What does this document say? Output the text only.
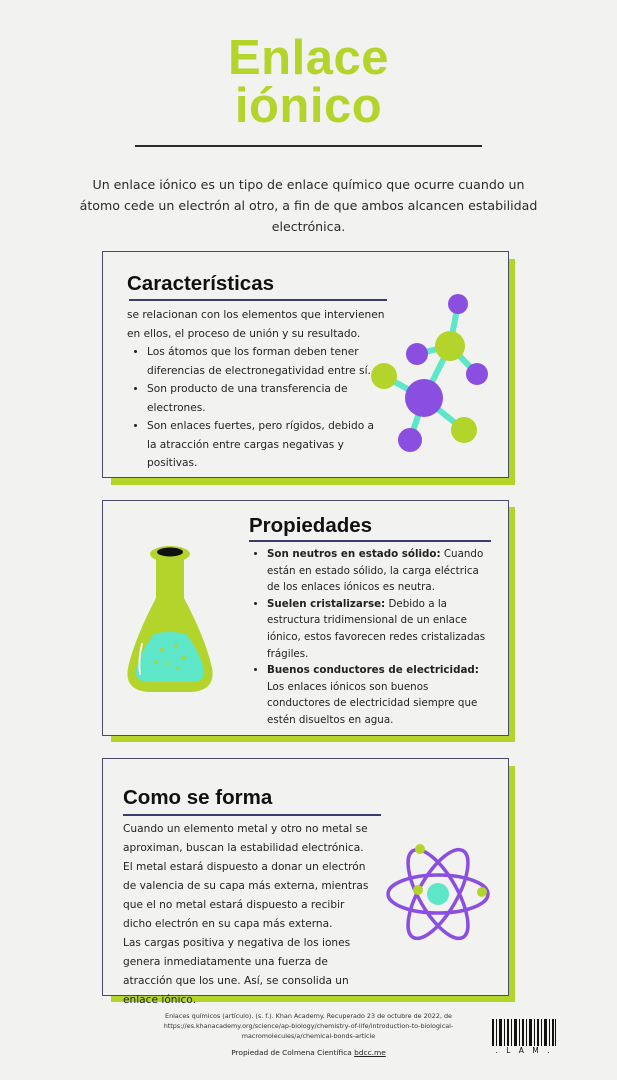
Enlace
iónico

Un enlace iónico es un tipo de enlace químico que ocurre cuando un átomo cede un electrón al otro, a fin de que ambos alcancen estabilidad electrónica.

Características

se relacionan con los elementos que intervienen en ellos, el proceso de unión y su resultado.

• Los átomos que los forman deben tener diferencias de electronegatividad entre sí.
• Son producto de una transferencia de electrones.
• Son enlaces fuertes, pero rígidos, debido a la atracción entre cargas negativas y positivas.
Propiedades
• Son neutros en estado sólido: Cuando están en estado sólido, la carga eléctrica de los enlaces iónicos es neutra.
• Suelen cristalizarse: Debido a la estructura tridimensional de un enlace iónico, estos favorecen redes cristalizadas frágiles.
• Buenos conductores de electricidad: Los enlaces iónicos son buenos conductores de electricidad siempre que estén disueltos en agua.
Como se forma

Cuando un elemento metal y otro no metal se aproximan, buscan la estabilidad electrónica. El metal estará dispuesto a donar un electrón de valencia de su capa más externa, mientras que el no metal estará dispuesto a recibir dicho electrón en su capa más externa.

Las cargas positiva y negativa de los iones genera inmediatamente una fuerza de atracción que los une. Así, se consolida un enlace iónico.

Enlaces químicos (artículo). (s. f.). Khan Academy. Recuperado 23 de octubre de 2022, de https://es.khanacademy.org/science/ap-biology/chemistry-of-life/introduction-to-biological-macromolecules/a/chemical-bonds-article
Propiedad de Colmena Científica bdcc.me	. L A M .
